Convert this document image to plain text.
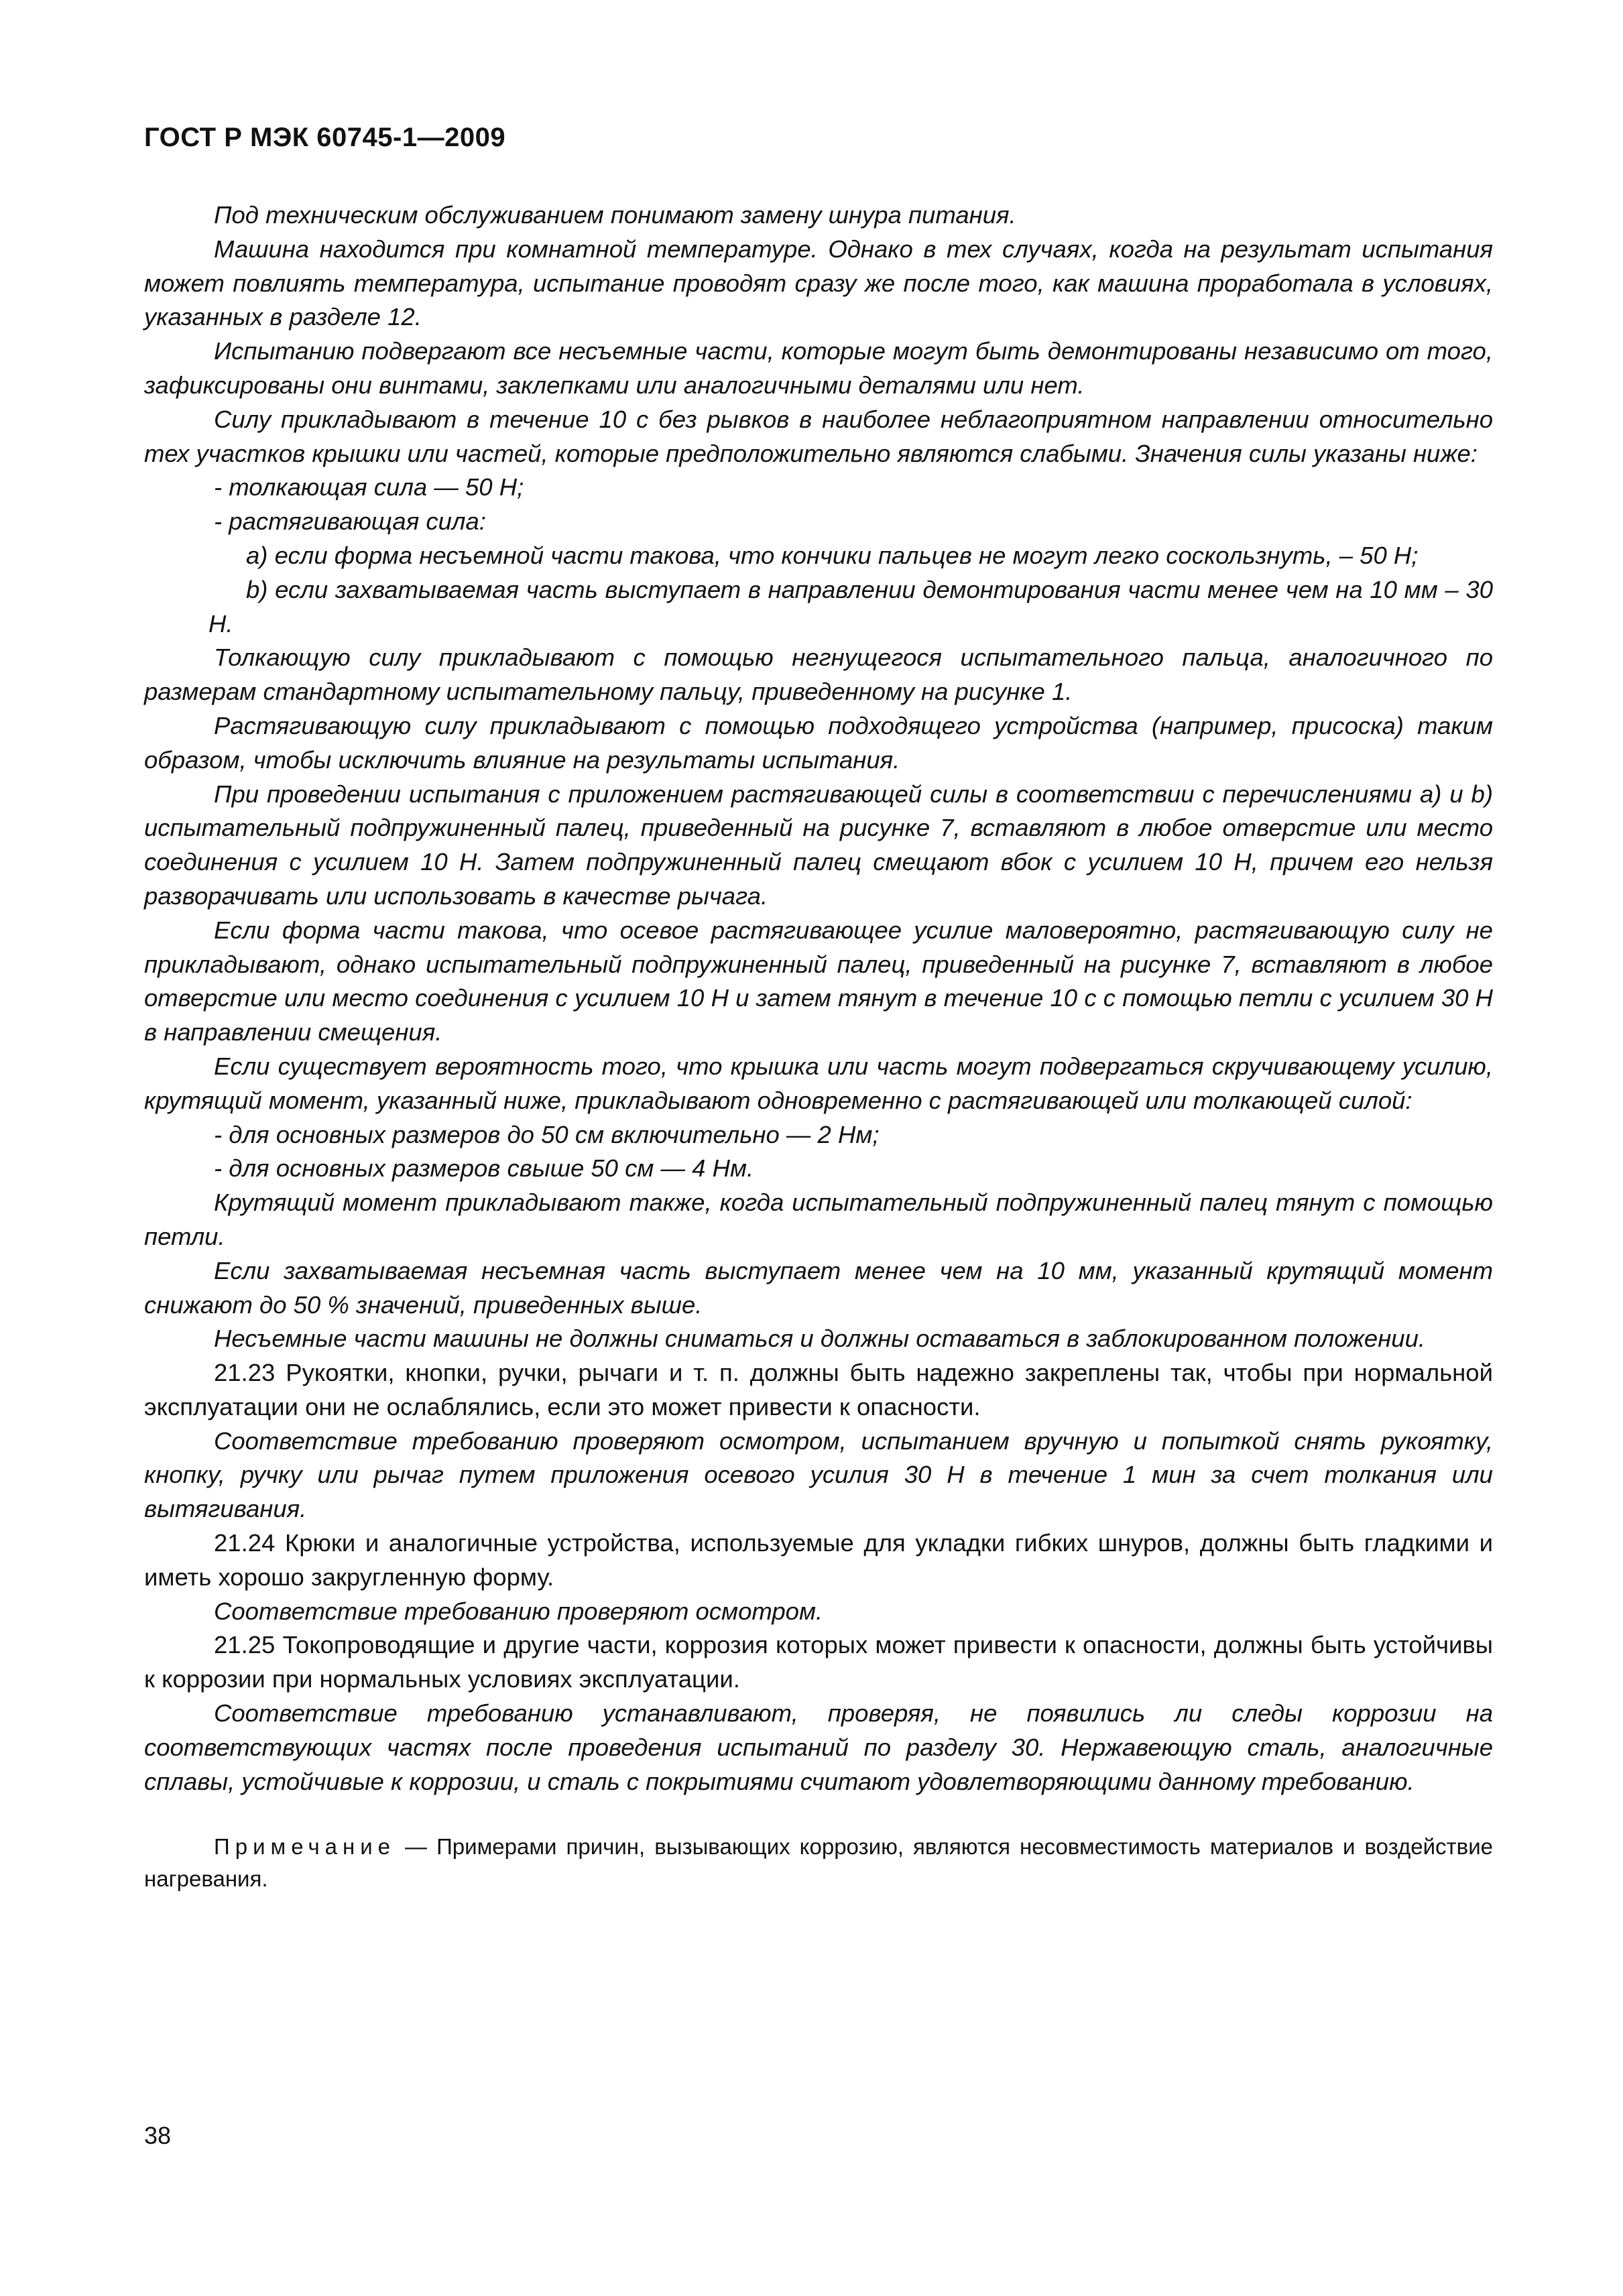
ГОСТ Р МЭК 60745-1—2009

Под техническим обслуживанием понимают замену шнура питания.

Машина находится при комнатной температуре. Однако в тех случаях, когда на результат испытания может повлиять температура, испытание проводят сразу же после того, как машина проработала в условиях, указанных в разделе 12.

Испытанию подвергают все несъемные части, которые могут быть демонтированы независимо от того, зафиксированы они винтами, заклепками или аналогичными деталями или нет.

Силу прикладывают в течение 10 с без рывков в наиболее неблагоприятном направлении относительно тех участков крышки или частей, которые предположительно являются слабыми. Значения силы указаны ниже:

- толкающая сила — 50 Н;

- растягивающая сила:

а) если форма несъемной части такова, что кончики пальцев не могут легко соскользнуть, – 50 Н;

b) если захватываемая часть выступает в направлении демонтирования части менее чем на 10 мм – 30 Н.

Толкающую силу прикладывают с помощью негнущегося испытательного пальца, аналогичного по размерам стандартному испытательному пальцу, приведенному на рисунке 1.

Растягивающую силу прикладывают с помощью подходящего устройства (например, присоска) таким образом, чтобы исключить влияние на результаты испытания.

При проведении испытания с приложением растягивающей силы в соответствии с перечислениями а) и b) испытательный подпружиненный палец, приведенный на рисунке 7, вставляют в любое отверстие или место соединения с усилием 10 Н. Затем подпружиненный палец смещают вбок с усилием 10 Н, причем его нельзя разворачивать или использовать в качестве рычага.

Если форма части такова, что осевое растягивающее усилие маловероятно, растягивающую силу не прикладывают, однако испытательный подпружиненный палец, приведенный на рисунке 7, вставляют в любое отверстие или место соединения с усилием 10 Н и затем тянут в течение 10 с с помощью петли с усилием 30 Н в направлении смещения.

Если существует вероятность того, что крышка или часть могут подвергаться скручивающему усилию, крутящий момент, указанный ниже, прикладывают одновременно с растягивающей или толкающей силой:

- для основных размеров до 50 см включительно — 2 Нм;

- для основных размеров свыше 50 см — 4 Нм.

Крутящий момент прикладывают также, когда испытательный подпружиненный палец тянут с помощью петли.

Если захватываемая несъемная часть выступает менее чем на 10 мм, указанный крутящий момент снижают до 50 % значений, приведенных выше.

Несъемные части машины не должны сниматься и должны оставаться в заблокированном положении.

21.23 Рукоятки, кнопки, ручки, рычаги и т. п. должны быть надежно закреплены так, чтобы при нормальной эксплуатации они не ослаблялись, если это может привести к опасности.

Соответствие требованию проверяют осмотром, испытанием вручную и попыткой снять рукоятку, кнопку, ручку или рычаг путем приложения осевого усилия 30 Н в течение 1 мин за счет толкания или вытягивания.

21.24 Крюки и аналогичные устройства, используемые для укладки гибких шнуров, должны быть гладкими и иметь хорошо закругленную форму.

Соответствие требованию проверяют осмотром.

21.25 Токопроводящие и другие части, коррозия которых может привести к опасности, должны быть устойчивы к коррозии при нормальных условиях эксплуатации.

Соответствие требованию устанавливают, проверяя, не появились ли следы коррозии на соответствующих частях после проведения испытаний по разделу 30. Нержавеющую сталь, аналогичные сплавы, устойчивые к коррозии, и сталь с покрытиями считают удовлетворяющими данному требованию.

Примечание — Примерами причин, вызывающих коррозию, являются несовместимость материалов и воздействие нагревания.

38
